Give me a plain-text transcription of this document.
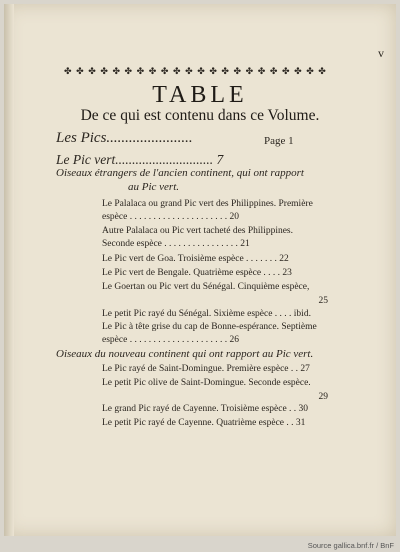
v
✤ ✤ ✤ ✤ ✤ ✤ ✤ ✤ ✤ ✤ ✤ ✤ ✤ ✤ ✤ ✤ ✤ ✤ ✤ ✤ ✤ ✤
TABLE
De ce qui est contenu dans ce Volume.
Les Pics.......................	Page 1
Le Pic vert............................. 7
Oiseaux étrangers de l'ancien continent, qui ont rapport
au Pic vert.
Le Palalaca ou grand Pic vert des Philippines. Première
espèce . . . . . . . . . . . . . . . . . . . . . 20
Autre Palalaca ou Pic vert tacheté des Philippines.
Seconde espèce . . . . . . . . . . . . . . . . 21
Le Pic vert de Goa. Troisième espèce . . . . . . . 22
Le Pic vert de Bengale. Quatrième espèce . . . . 23
Le Goertan ou Pic vert du Sénégal. Cinquième espèce,
25
Le petit Pic rayé du Sénégal. Sixième espèce . . . . ibid.
Le Pic à tête grise du cap de Bonne-espérance. Septième
espèce . . . . . . . . . . . . . . . . . . . . . 26
Oiseaux du nouveau continent qui ont rapport au Pic vert.
Le Pic rayé de Saint-Domingue. Première espèce . . 27
Le petit Pic olive de Saint-Domingue. Seconde espèce.
29
Le grand Pic rayé de Cayenne. Troisième espèce . . 30
Le petit Pic rayé de Cayenne. Quatrième espèce . . 31
Source gallica.bnf.fr / BnF
